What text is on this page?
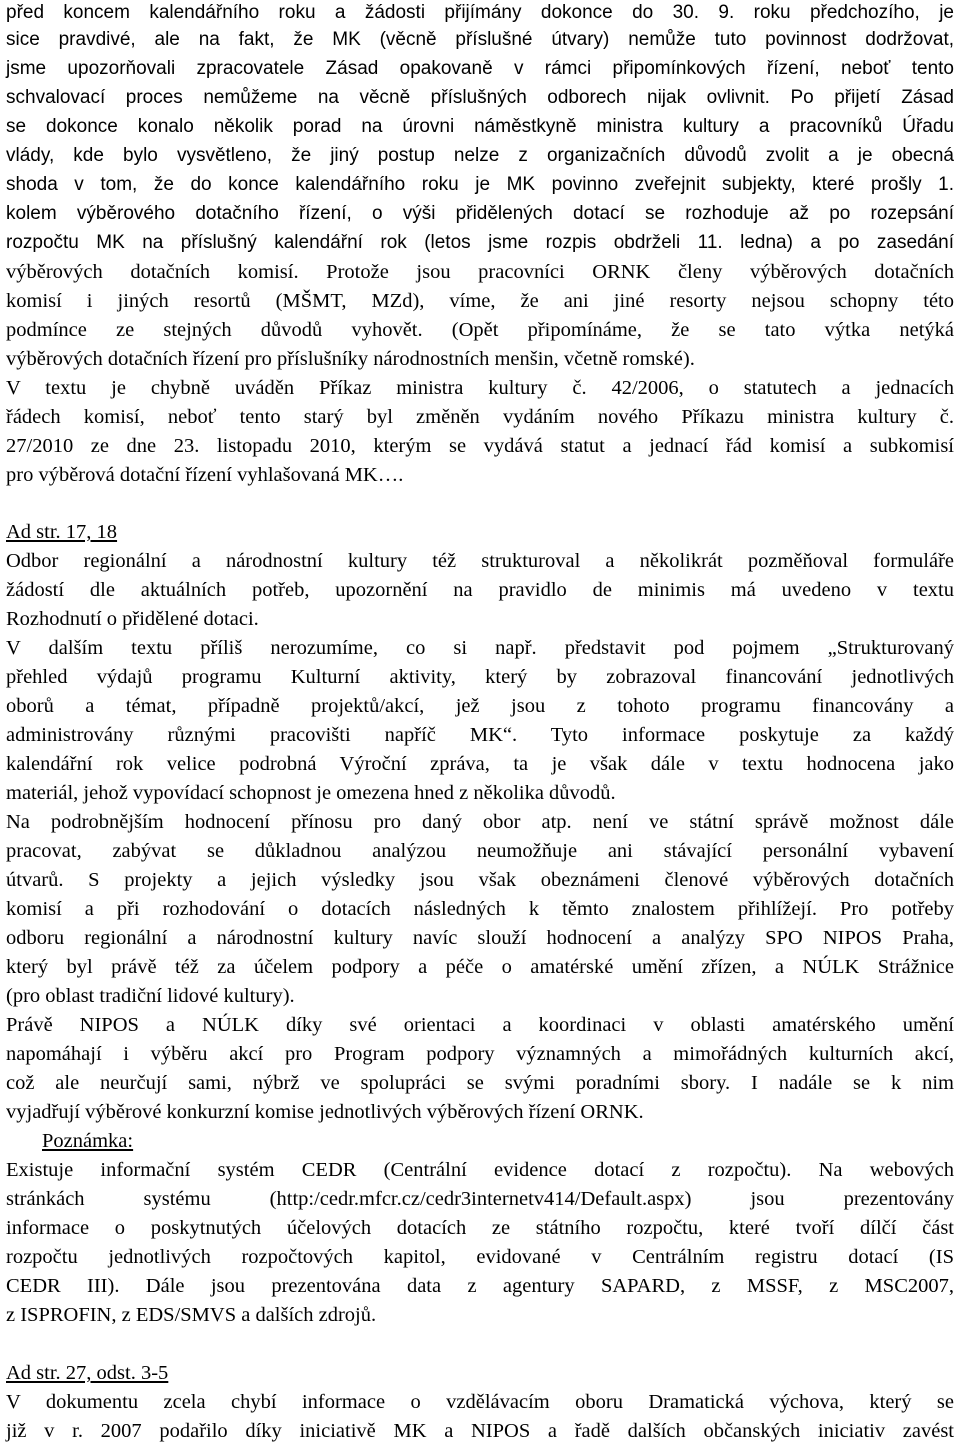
před koncem kalendářního roku a žádosti přijímány dokonce do 30. 9. roku předchozího, je
sice pravdivé, ale na fakt, že MK (věcně příslušné útvary) nemůže tuto povinnost dodržovat,
jsme upozorňovali zpracovatele Zásad opakovaně v rámci připomínkových řízení, neboť tento
schvalovací proces nemůžeme na věcně příslušných odborech nijak ovlivnit. Po přijetí Zásad
se dokonce konalo několik porad na úrovni náměstkyně ministra kultury a pracovníků Úřadu
vlády, kde bylo vysvětleno, že jiný postup nelze z organizačních důvodů zvolit a je obecná
shoda v tom, že do konce kalendářního roku je MK povinno zveřejnit subjekty, které prošly 1.
kolem výběrového dotačního řízení, o výši přidělených dotací se rozhoduje až po rozepsání
rozpočtu MK na příslušný kalendářní rok (letos jsme rozpis obdrželi 11. ledna) a po zasedání
výběrových dotačních komisí. Protože jsou pracovníci ORNK členy výběrových dotačních
komisí i jiných resortů (MŠMT, MZd), víme, že ani jiné resorty nejsou schopny této
podmínce ze stejných důvodů vyhovět. (Opět připomínáme, že se tato výtka netýká
výběrových dotačních řízení pro příslušníky národnostních menšin, včetně romské).
V textu je chybně uváděn Příkaz ministra kultury č. 42/2006, o statutech a jednacích
řádech komisí, neboť tento starý byl změněn vydáním nového Příkazu ministra kultury č.
27/2010 ze dne 23. listopadu 2010, kterým se vydává statut a jednací řád komisí a subkomisí
pro výběrová dotační řízení vyhlašovaná MK….
Ad str. 17, 18
Odbor regionální a národnostní kultury též strukturoval a několikrát pozměňoval formuláře
žádostí dle aktuálních potřeb, upozornění na pravidlo de minimis má uvedeno v textu
Rozhodnutí o přidělené dotaci.
V dalším textu příliš nerozumíme, co si např. představit pod pojmem „Strukturovaný
přehled výdajů programu Kulturní aktivity, který by zobrazoval financování jednotlivých
oborů a témat, případně projektů/akcí, jež jsou z tohoto programu financovány a
administrovány různými pracovišti napříč MK“. Tyto informace poskytuje za každý
kalendářní rok velice podrobná Výroční zpráva, ta je však dále v textu hodnocena jako
materiál, jehož vypovídací schopnost je omezena hned z několika důvodů.
Na podrobnějším hodnocení přínosu pro daný obor atp. není ve státní správě možnost dále
pracovat, zabývat se důkladnou analýzou neumožňuje ani stávající personální vybavení
útvarů. S projekty a jejich výsledky jsou však obeznámeni členové výběrových dotačních
komisí a při rozhodování o dotacích následných k těmto znalostem přihlížejí. Pro potřeby
odboru regionální a národnostní kultury navíc slouží hodnocení a analýzy SPO NIPOS Praha,
který byl právě též za účelem podpory a péče o amatérské umění zřízen, a NÚLK Strážnice
(pro oblast tradiční lidové kultury).
Právě NIPOS a NÚLK díky své orientaci a koordinaci v oblasti amatérského umění
napomáhají i výběru akcí pro Program podpory významných a mimořádných kulturních akcí,
což ale neurčují sami, nýbrž ve spolupráci se svými poradními sbory. I nadále se k nim
vyjadřují výběrové konkurzní komise jednotlivých výběrových řízení ORNK.
Poznámka:
Existuje informační systém CEDR (Centrální evidence dotací z rozpočtu). Na webových
stránkách systému (http:/cedr.mfcr.cz/cedr3internetv414/Default.aspx) jsou prezentovány
informace o poskytnutých účelových dotacích ze státního rozpočtu, které tvoří dílčí část
rozpočtu jednotlivých rozpočtových kapitol, evidované v Centrálním registru dotací (IS
CEDR III). Dále jsou prezentována data z agentury SAPARD, z MSSF, z MSC2007,
z ISPROFIN, z EDS/SMVS a dalších zdrojů.
Ad str. 27, odst. 3-5
V dokumentu zcela chybí informace o vzdělávacím oboru Dramatická výchova, který se
již v r. 2007 podařilo díky iniciativě MK a NIPOS a řadě dalších občanských iniciativ zavést
